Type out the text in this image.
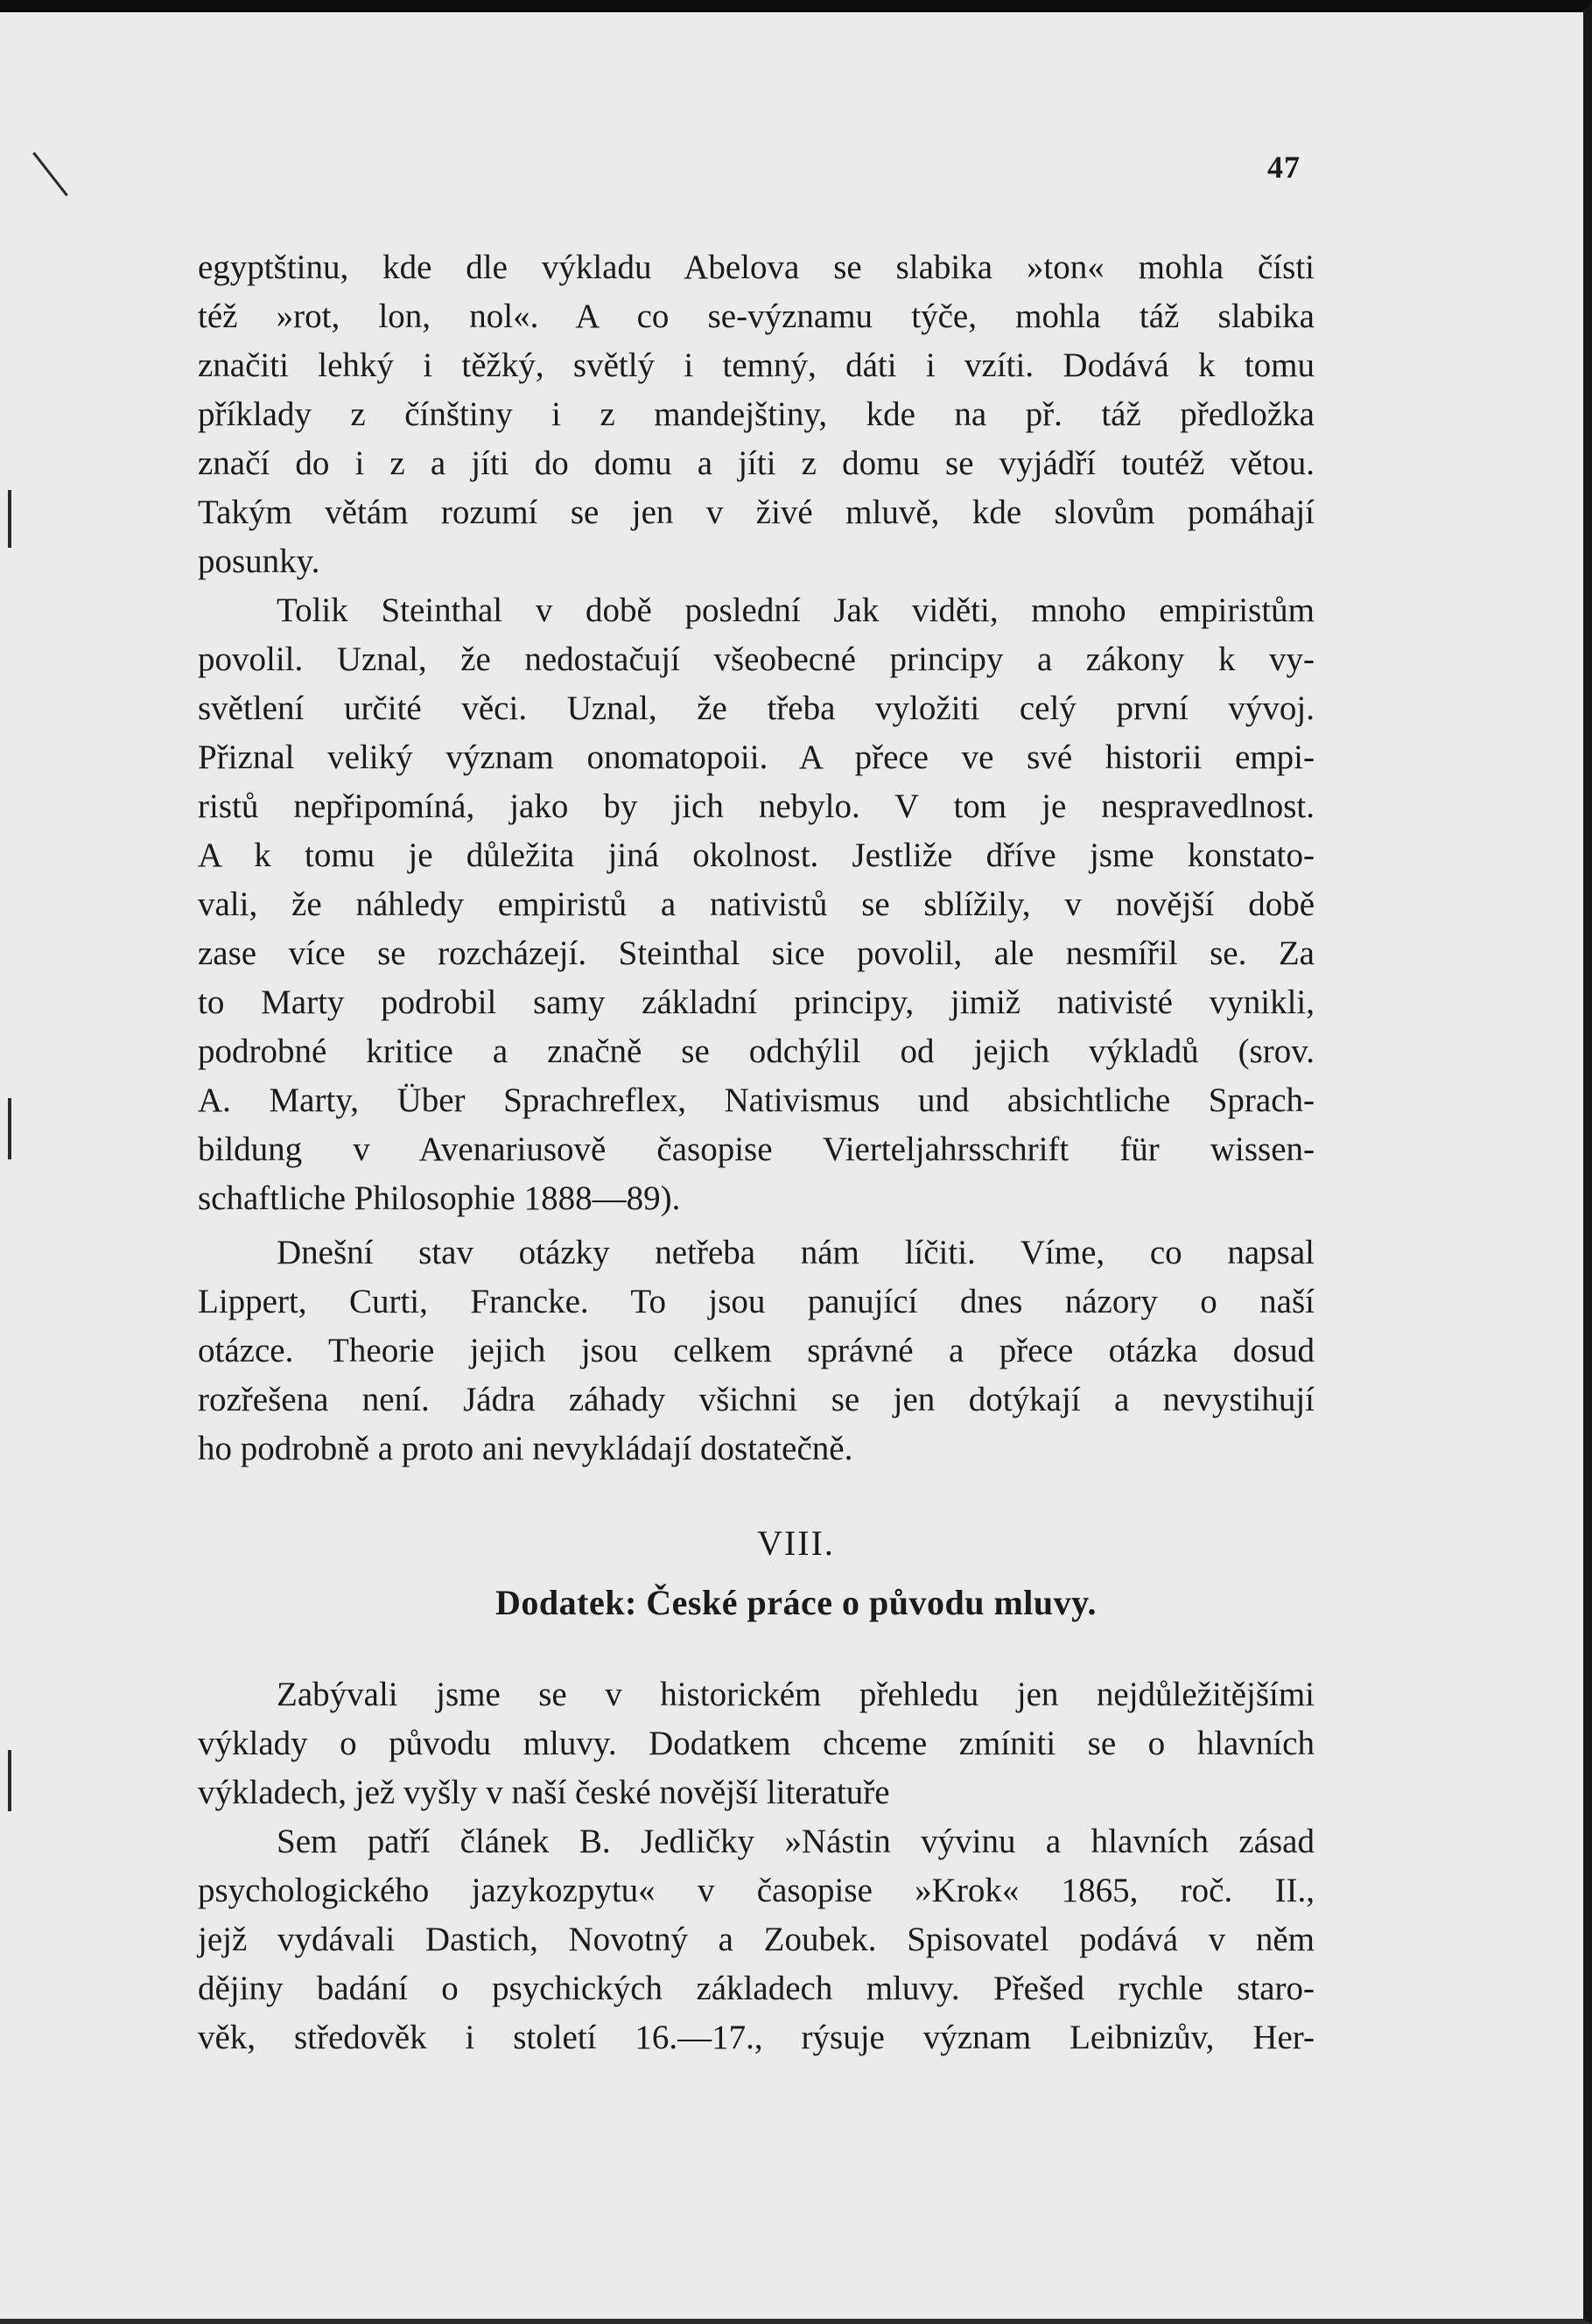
47
egyptštinu, kde dle výkladu Abelova se slabika »ton« mohla čísti
též »rot, lon, nol«. A co se-významu týče, mohla táž slabika
značiti lehký i těžký, světlý i temný, dáti i vzíti. Dodává k tomu
příklady z čínštiny i z mandejštiny, kde na př. táž předložka
značí do i z a jíti do domu a jíti z domu se vyjádří toutéž větou.
Takým větám rozumí se jen v živé mluvě, kde slovům pomáhají
posunky.
Tolik Steinthal v době poslední Jak viděti, mnoho empiristům
povolil. Uznal, že nedostačují všeobecné principy a zákony k vy-
světlení určité věci. Uznal, že třeba vyložiti celý první vývoj.
Přiznal veliký význam onomatopoii. A přece ve své historii empi-
ristů nepřipomíná, jako by jich nebylo. V tom je nespravedlnost.
A k tomu je důležita jiná okolnost. Jestliže dříve jsme konstato-
vali, že náhledy empiristů a nativistů se sblížily, v novější době
zase více se rozcházejí. Steinthal sice povolil, ale nesmířil se. Za
to Marty podrobil samy základní principy, jimiž nativisté vynikli,
podrobné kritice a značně se odchýlil od jejich výkladů (srov.
A. Marty, Über Sprachreflex, Nativismus und absichtliche Sprach-
bildung v Avenariusově časopise Vierteljahrsschrift für wissen-
schaftliche Philosophie 1888—89).
Dnešní stav otázky netřeba nám líčiti. Víme, co napsal
Lippert, Curti, Francke. To jsou panující dnes názory o naší
otázce. Theorie jejich jsou celkem správné a přece otázka dosud
rozřešena není. Jádra záhady všichni se jen dotýkají a nevystihují
ho podrobně a proto ani nevykládají dostatečně.
VIII.
Dodatek: České práce o původu mluvy.
Zabývali jsme se v historickém přehledu jen nejdůležitějšími
výklady o původu mluvy. Dodatkem chceme zmíniti se o hlavních
výkladech, jež vyšly v naší české novější literatuře
Sem patří článek B. Jedličky »Nástin vývinu a hlavních zásad
psychologického jazykozpytu« v časopise »Krok« 1865, roč. II.,
jejž vydávali Dastich, Novotný a Zoubek. Spisovatel podává v něm
dějiny badání o psychických základech mluvy. Přešed rychle staro-
věk, středověk i století 16.—17., rýsuje význam Leibnizův, Her-
